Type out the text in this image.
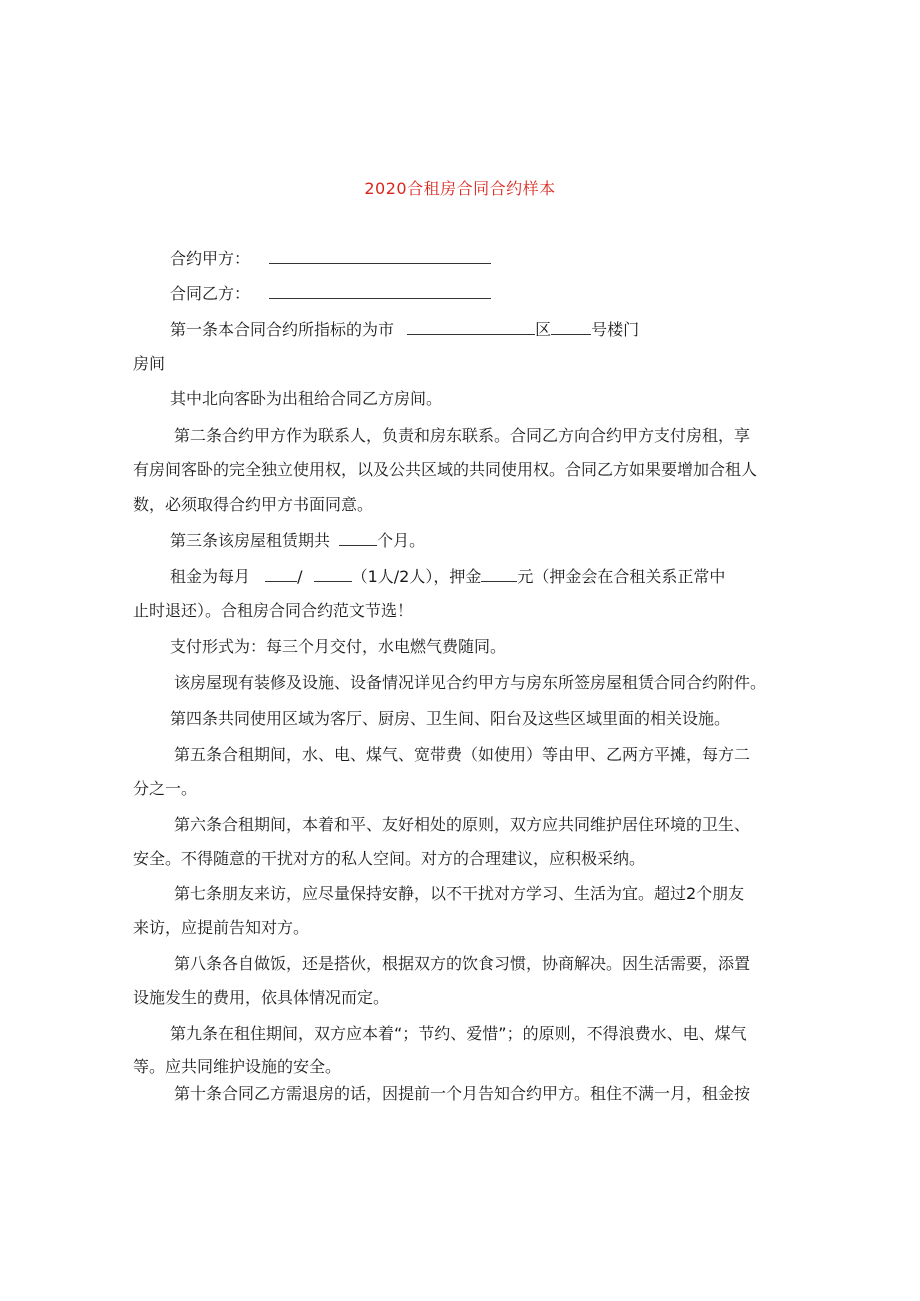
2020合租房合同合约样本
合约甲方：
合同乙方：
第一条本合同合约所指标的为市	区	号楼门
房间
其中北向客卧为出租给合同乙方房间。
第二条合约甲方作为联系人，负责和房东联系。合同乙方向合约甲方支付房租，享
有房间客卧的完全独立使用权，以及公共区域的共同使用权。合同乙方如果要增加合租人
数，必须取得合约甲方书面同意。
第三条该房屋租赁期共	个月。
租金为每月	/	（1人/2人），押金 元（押金会在合租关系正常中
止时退还）。合租房合同合约范文节选！
支付形式为：每三个月交付，水电燃气费随同。
该房屋现有装修及设施、设备情况详见合约甲方与房东所签房屋租赁合同合约附件。
第四条共同使用区域为客厅、厨房、卫生间、阳台及这些区域里面的相关设施。
第五条合租期间，水、电、煤气、宽带费（如使用）等由甲、乙两方平摊，每方二
分之一。
第六条合租期间，本着和平、友好相处的原则，双方应共同维护居住环境的卫生、
安全。不得随意的干扰对方的私人空间。对方的合理建议，应积极采纳。
第七条朋友来访，应尽量保持安静，以不干扰对方学习、生活为宜。超过2个朋友
来访，应提前告知对方。
第八条各自做饭，还是搭伙，根据双方的饮食习惯，协商解决。因生活需要，添置
设施发生的费用，依具体情况而定。
第九条在租住期间，双方应本着“；节约、爱惜”；的原则，不得浪费水、电、煤气
等。应共同维护设施的安全。
第十条合同乙方需退房的话，因提前一个月告知合约甲方。租住不满一月，租金按
